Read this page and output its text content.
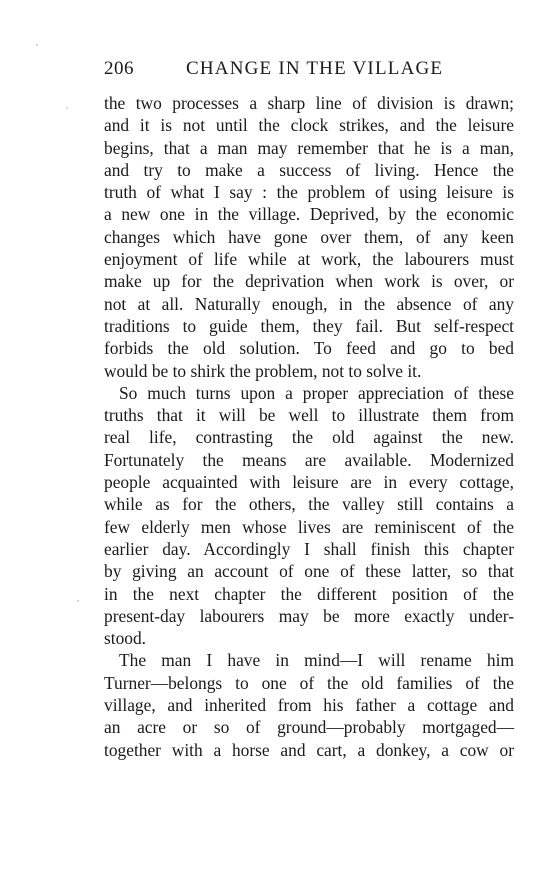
206	CHANGE IN THE VILLAGE
the two processes a sharp line of division is drawn;
and it is not until the clock strikes, and the leisure
begins, that a man may remember that he is a man,
and try to make a success of living. Hence the
truth of what I say : the problem of using leisure is
a new one in the village. Deprived, by the economic
changes which have gone over them, of any keen
enjoyment of life while at work, the labourers must
make up for the deprivation when work is over, or
not at all. Naturally enough, in the absence of any
traditions to guide them, they fail. But self-respect
forbids the old solution. To feed and go to bed
would be to shirk the problem, not to solve it.
So much turns upon a proper appreciation of these
truths that it will be well to illustrate them from
real life, contrasting the old against the new.
Fortunately the means are available. Modernized
people acquainted with leisure are in every cottage,
while as for the others, the valley still contains a
few elderly men whose lives are reminiscent of the
earlier day. Accordingly I shall finish this chapter
by giving an account of one of these latter, so that
in the next chapter the different position of the
present-day labourers may be more exactly under-
stood.
The man I have in mind—I will rename him
Turner—belongs to one of the old families of the
village, and inherited from his father a cottage and
an acre or so of ground—probably mortgaged—
together with a horse and cart, a donkey, a cow or
